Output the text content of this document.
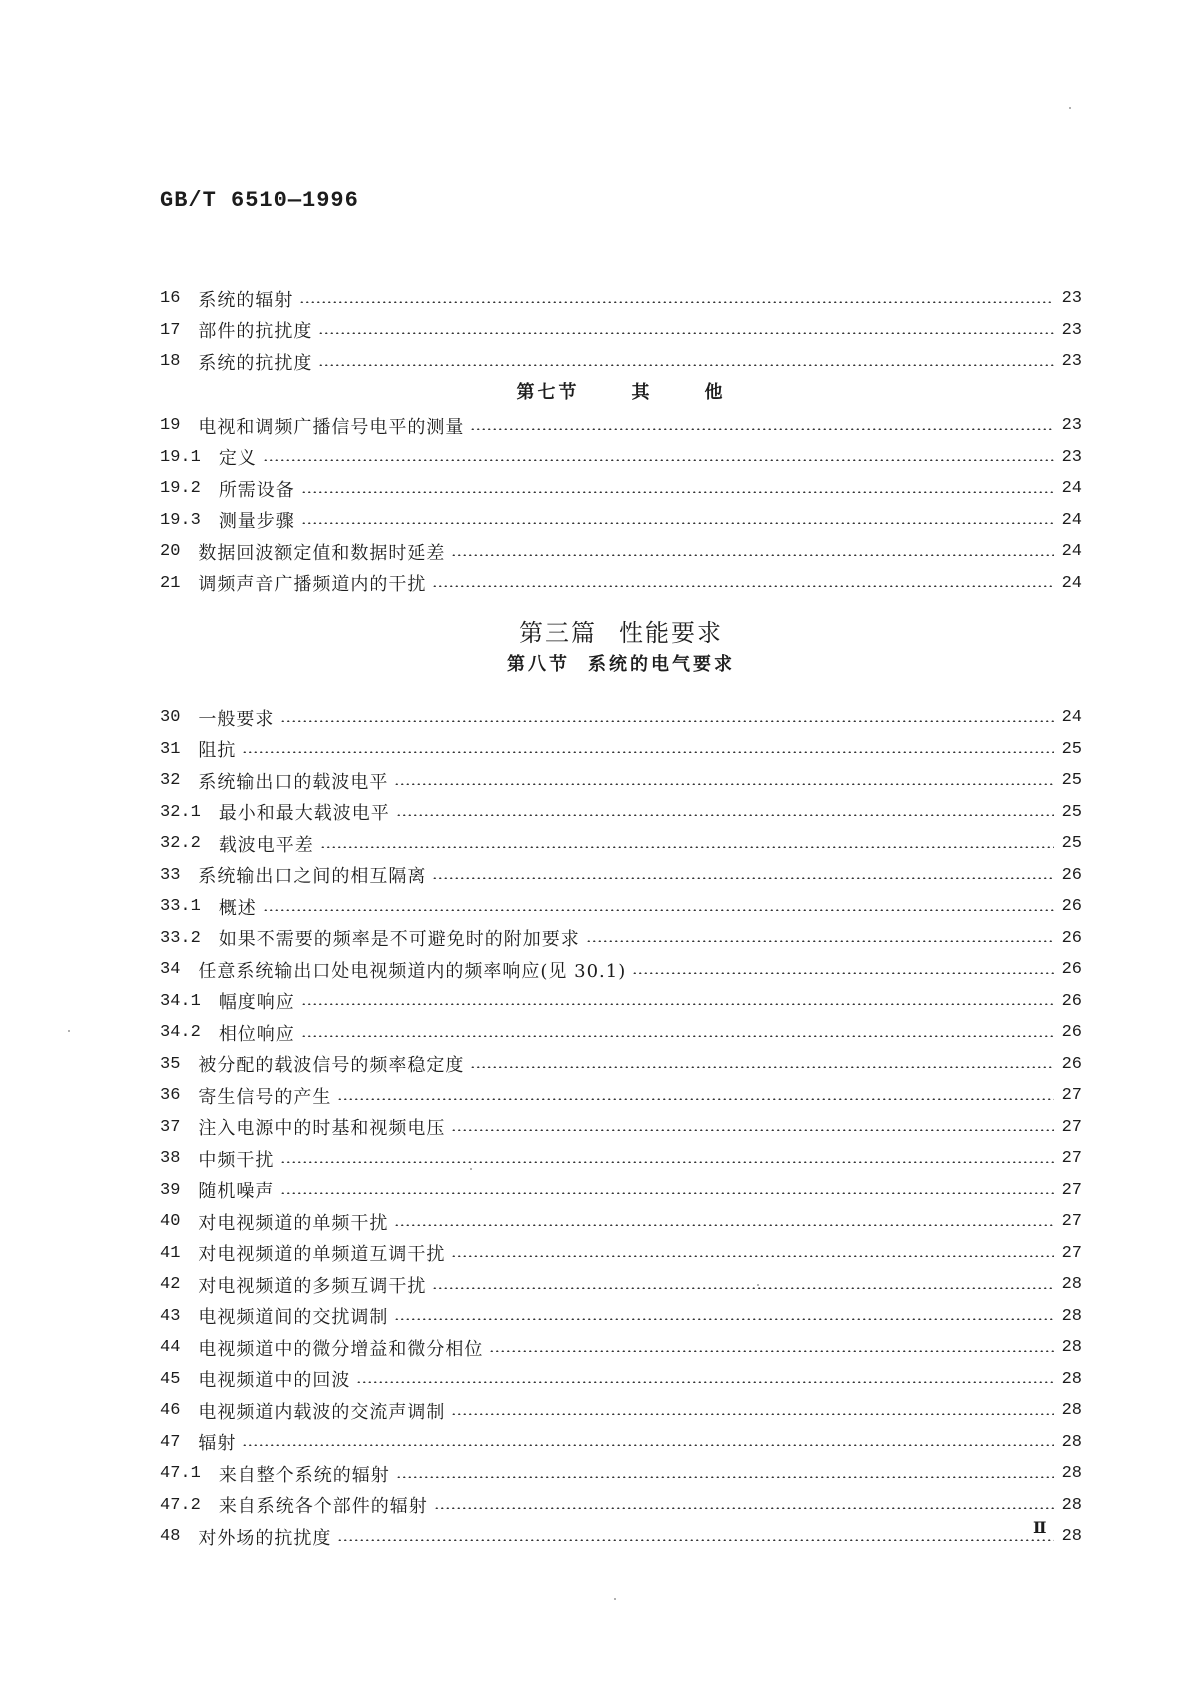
GB/T 6510—1996
16 系统的辐射	23
17 部件的抗扰度	23
18 系统的抗扰度	23
第七节	其	他
19 电视和调频广播信号电平的测量	23
19.1 定义	23
19.2 所需设备	24
19.3 测量步骤	24
20 数据回波额定值和数据时延差	24
21 调频声音广播频道内的干扰	24
第三篇 性能要求
第八节 系统的电气要求
30 一般要求	24
31 阻抗	25
32 系统输出口的载波电平	25
32.1 最小和最大载波电平	25
32.2 载波电平差	25
33 系统输出口之间的相互隔离	26
33.1 概述	26
33.2 如果不需要的频率是不可避免时的附加要求	26
34 任意系统输出口处电视频道内的频率响应(见 30.1)	26
34.1 幅度响应	26
34.2 相位响应	26
35 被分配的载波信号的频率稳定度	26
36 寄生信号的产生	27
37 注入电源中的时基和视频电压	27
38 中频干扰	27
39 随机噪声	27
40 对电视频道的单频干扰	27
41 对电视频道的单频道互调干扰	27
42 对电视频道的多频互调干扰	28
43 电视频道间的交扰调制	28
44 电视频道中的微分增益和微分相位	28
45 电视频道中的回波	28
46 电视频道内载波的交流声调制	28
47 辐射	28
47.1 来自整个系统的辐射	28
47.2 来自系统各个部件的辐射	28
48 对外场的抗扰度	28
Ⅱ
